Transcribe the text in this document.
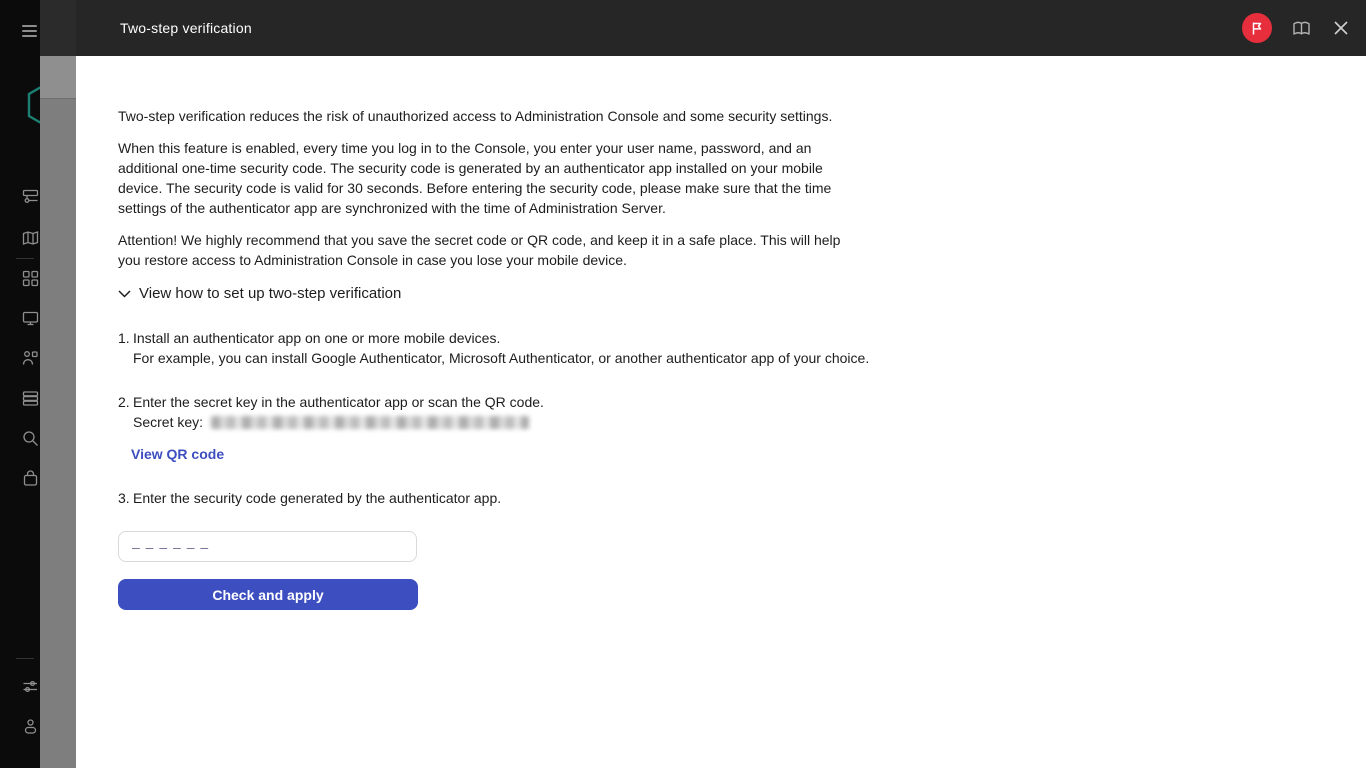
Two-step verification

Two-step verification reduces the risk of unauthorized access to Administration Console and some security settings.

When this feature is enabled, every time you log in to the Console, you enter your user name, password, and an additional one-time security code. The security code is generated by an authenticator app installed on your mobile device. The security code is valid for 30 seconds. Before entering the security code, please make sure that the time settings of the authenticator app are synchronized with the time of Administration Server.

Attention! We highly recommend that you save the secret code or QR code, and keep it in a safe place. This will help you restore access to Administration Console in case you lose your mobile device.

View how to set up two-step verification
1. Install an authenticator app on one or more mobile devices.
For example, you can install Google Authenticator, Microsoft Authenticator, or another authenticator app of your choice.
2. Enter the secret key in the authenticator app or scan the QR code.
Secret key:
View QR code
3. Enter the security code generated by the authenticator app.
– – – – – –
Check and apply
